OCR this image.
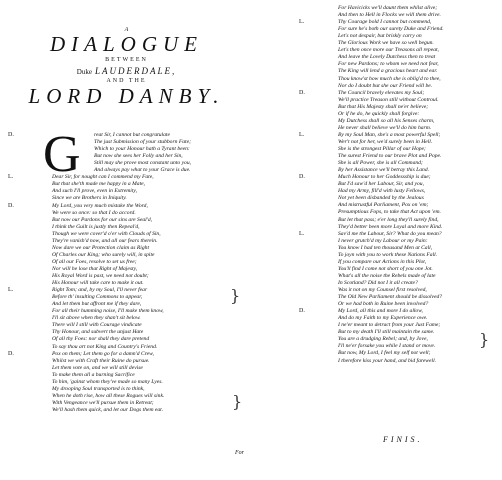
A
DIALOGUE
BETWEEN
Duke LAUDERDALE,
AND THE
LORD DANBY.
G
D.	reat Sir, I cannot but congratulate
The just Submission of your stubborn Fate;
Which to your Honour hath a Tyrant been:
But now she sees her Folly and her Sin,
Still may she prove most constant unto you,
And always pay what to your Grace is due.
L.	Dear Sir, for nought can I commend my Fate,
But that she'th made me happy in a Mate,
And such I'll prove, even in Extremity,
Since we are Brothers in Iniquity.
D.	My Lord, you very much mistake the Word,
We were so once: so that I do accord.
But now our Pardons for our sins are Seal'd,
I think the Guilt is justly then Repeal'd,
Though we were cover'd o'er with Clouds of Sin,
They're vanish'd now, and all our fears therein.
Now dare we our Protection claim as Right
Of Charles our King; who surely will, in spite
Of all our Foes, resolve to set us free;
Nor will he lose that Right of Majesty,
His Royal Word is past, we need not doubt;
His Honour will take care to make it out.
L.	Right Tom; and, by my Soul, I'll never fear
Before th' insulting Commons to appear,
And let them but affront me if they dare,
For all their humming noise, I'll make them know,
I'll sit above when they shan't sit below.
There will I still with Courage vindicate
Thy Honour, and subvert the unjust Hate
Of all thy Foes: nor shall they dare pretend
To say thou art not King and Country's Friend.
D.	Pox on them; Let them go for a damn'd Crew,
Whilst we with Craft their Ruine do pursue.
Let them vote on, and we will still devise
To make them all a burning Sacrifice
To him, 'gainst whom they've made so many Lyes.
My drooping Soul transported is to think,
When he doth rise, how all these Rogues will sink.
With Vengeance we'll pursue them in Retreat;
We'll hash them quick, and let our Dogs them eat.
}
}
For Havicicks we'll daunt them whilst alive;
And then to Hell in Flocks we will them drive.
L.	Thy Courage bold I cannot but commend,
For sure he's both our surety Duke and Friend.
Let's not despair, but briskly carry on
The Glorious Work we have so well begun.
Let's then once more our Treasons all repeat,
And leave the Lovely Dutchess then to treat
For new Pardons; to whom we need not fear,
The King will lend a gracious heart and ear.
Thou know'st how much she is oblig'd to thee,
Nor do I doubt but she our Friend will be.
D.	The Council bravely elevates my Soul;
We'll practice Treason still without Controul.
But that His Majesty shall ne'er believe;
Or if he do, he quickly shall forgive:
My Dutchess shall so all his Senses charm,
He never shall believe we'll do him harm.
L.	By my Soul Man, she's a most powerful Spell;
Wer't not for her, we'd surely been in Hell.
She is the strongest Pillar of our Hope;
The surest Friend to our brave Plot and Pope.
She is all Power, she is all Command;
By her Assistance we'll betray this Land.
D.	Much Honour to her Goddessship is due;
But I'd saw'd her Labour, Sir, and you,
Had my Army, fill'd with lusty Fellows,
Not yet been disbanded by the Jealous
And mistrustful Parliament, Pox on 'em;
Presumptious Fops, to take that Act upon 'em.
But let that pass; e'er long they'll surely find,
They'd better been more Loyal and more Kind.
L.	Sav'd me the Labour, Sir? What do you mean?
I never grutch'd my Labour or my Pain:
You know I had ten thousand Men at Call,
To joyn with you to work these Nations Fall.
If you compare our Actions in this Plot,
You'll find I come not short of you one Jot.
What's all the noise the Rebels made of late
In Scotland? Did not I it all create?
Was it not on my Counsel first resolved,
The Old New Parliament should be dissolved?
Or we had both in Ruine been involved?
D.	My Lord, all this and more I do allow,
And do my Faith to my Experience owe.
I ne'er meant to detract from your Just Fame;
But to my death I'll still maintain the same.
You are a drudging Rebel; and, by Jove,
I'll ne'er forsake you while I stand or move.
But now, My Lord, I feel my self not well;
I therefore kiss your hand, and bid farewell.
}
FINIS.
For
